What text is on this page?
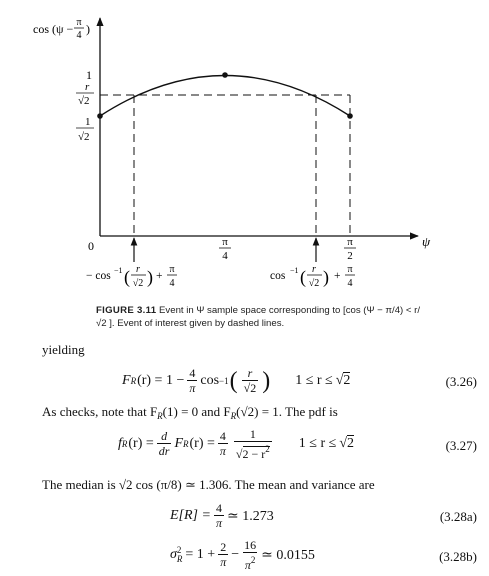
cos (ψ − π
4 )
1
r
√2
1
√2
0	ψ
π
4
π
2
− cos −1 ( r
√2 ) +
π
4
cos −1 ( r
√2 ) +
π
4
FIGURE 3.11 Event in Ψ sample space corresponding to [cos (Ψ − π/4) < r/√2 ]. Event of interest given by dashed lines.
yielding
F R $(r) = 1 - \frac{4}{\pi}$ cos −1 ( $\frac{r}{√2}$ ) 1 ≤ r ≤ √2	(3.26)
As checks, note that $F_R(1) = 0$ and $F_R(√2) = 1$. The pdf is
f R $(r) = \frac{d}{dr}$ F R $(r) = \frac{4}{\pi} \frac{1}{√2 - r^2} 1 \le r \le √2$	(3.27)
The median is √2 cos (π/8) ≃ 1.306. The mean and variance are
$E[R] = \frac{4}{\pi}$ ≃ 1.273	(3.28a)
σ 2
$R = 1 + \frac{2}{\pi} - \frac{16}{\pi^2}$ ≃ 0.0155	(3.28b)
